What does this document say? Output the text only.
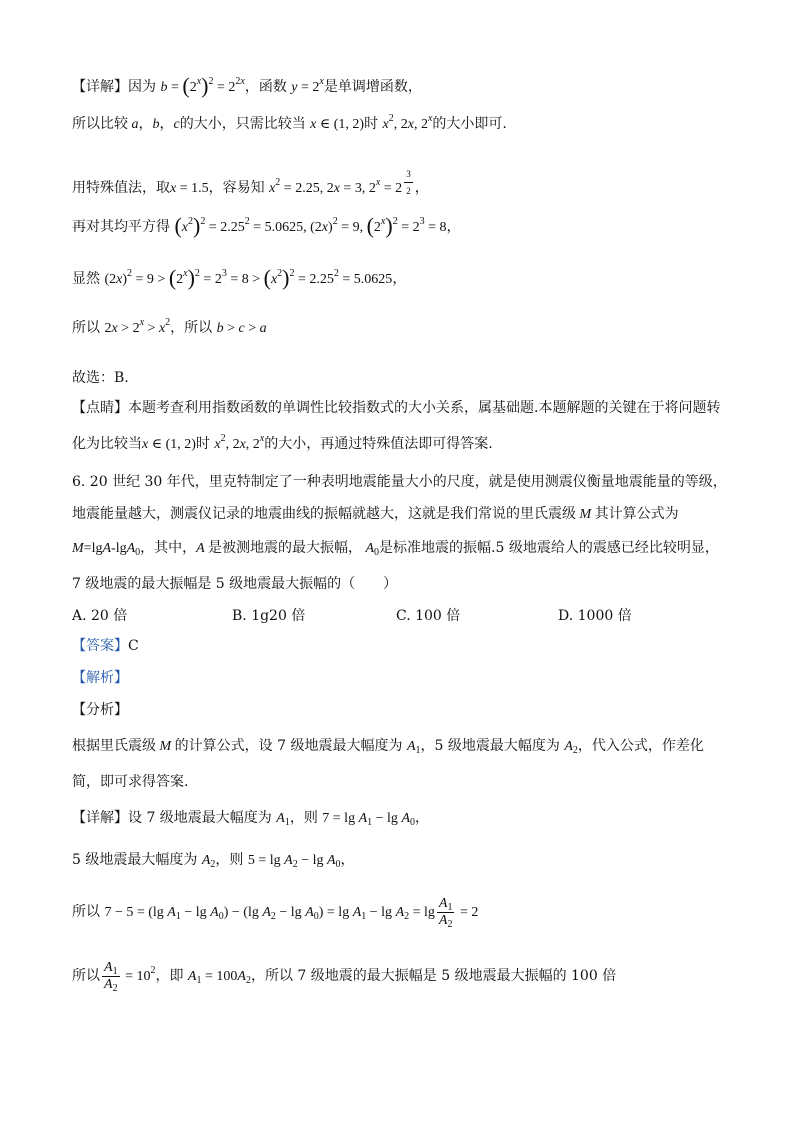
【详解】因为 $b = (2^x)^2 = 2^{2x}$，函数 $y = 2^x$是单调增函数，
所以比较 a，b，c的大小，只需比较当 x ∈ (1, 2)时 $x^2$, 2x, 2$^x$的大小即可.
用特殊值法，取x = 1.5，容易知 $x^2 = 2.25$, 2x = 3, $2^x = 2$ $^{\frac{3}{2}}$ ，
再对其均平方得 $(x^2)^2 = 2.25^2 = 5.0625$, $(2x)^2 = 9$, $(2^x)^2 = 2^3 = 8$，
显然 $(2x)^2 = 9 > (2^x)^2 = 2^3 = 8 > (x^2)^2 = 2.25^2 = 5.0625$，
所以 $2x > 2^x > x^2$，所以 b > c > a
故选：B.
【点睛】本题考查利用指数函数的单调性比较指数式的大小关系，属基础题.本题解题的关键在于将问题转
化为比较当x ∈ (1, 2)时 $x^2$, 2x, 2$^x$的大小，再通过特殊值法即可得答案.
6. 20 世纪 30 年代，里克特制定了一种表明地震能量大小的尺度，就是使用测震仪衡量地震能量的等级，
地震能量越大，测震仪记录的地震曲线的振幅就越大，这就是我们常说的里氏震级 M 其计算公式为
M=lgA-lgA$_0$，其中，A 是被测地震的最大振幅， $A_0$是标准地震的振幅.5 级地震给人的震感已经比较明显，
7 级地震的最大振幅是 5 级地震最大振幅的（　　）
A. 20 倍	B. 1g20 倍	C. 100 倍	D. 1000 倍
【答案】C
【解析】
【分析】
根据里氏震级 M 的计算公式，设 7 级地震最大幅度为 $A_1$，5 级地震最大幅度为 $A_2$，代入公式，作差化
简，即可求得答案.
【详解】设 7 级地震最大幅度为 $A_1$，则 $7 = \lg A_1 - \lg A_0$，
5 级地震最大幅度为 $A_2$，则 $5 = \lg A_2 - \lg A_0$，
所以 7 − 5 = (lg $A_1 - \lg A_0) - (\lg$ $A_2 - \lg A_0) = \lg A_1 - \lg A_2 = \lg \frac{A_1}{A_2} = 2$
所以 $\frac{A_1}{A_2} = 10^2$，即 $A_1 = 100A_2$，所以 7 级地震的最大振幅是 5 级地震最大振幅的 100 倍
